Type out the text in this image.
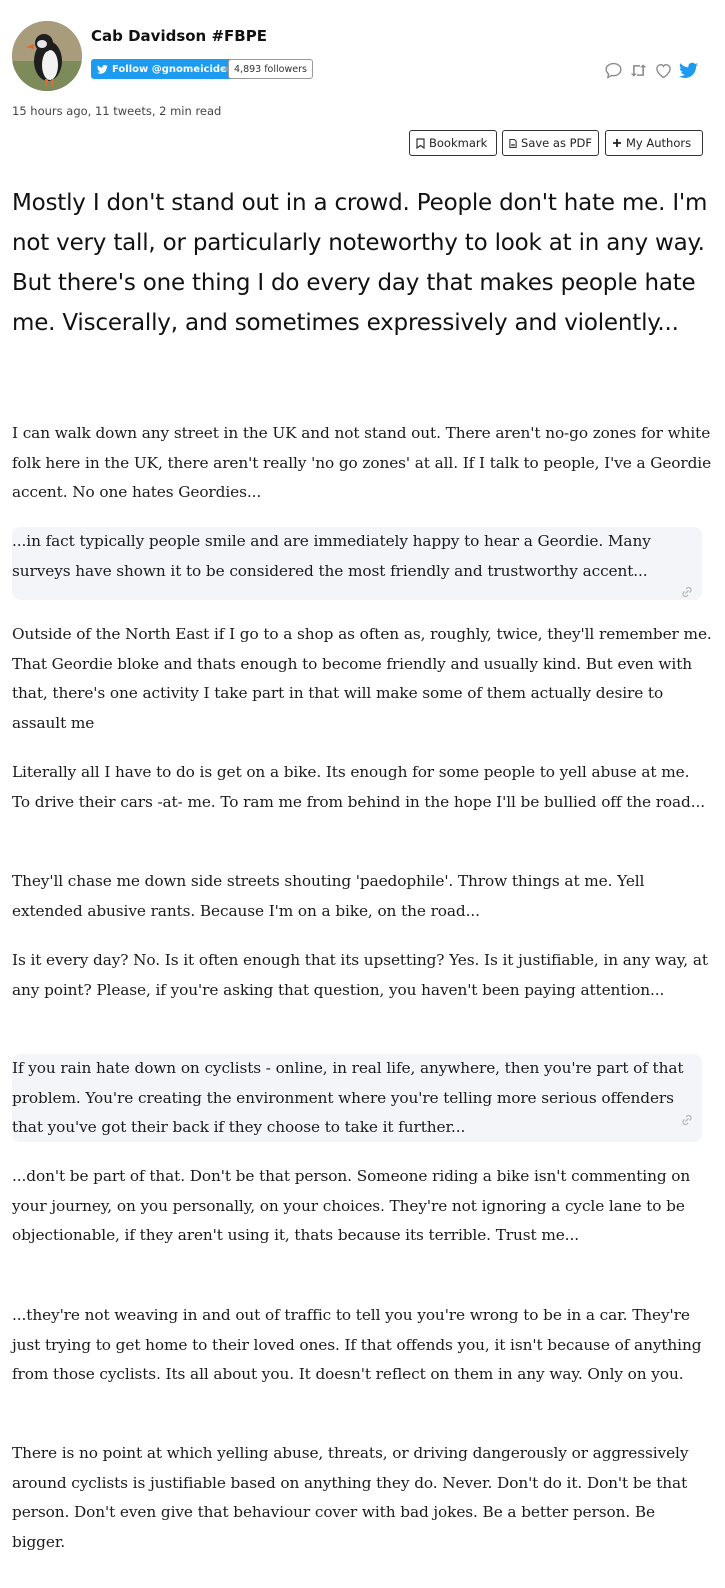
Cab Davidson #FBPE
Follow @gnomeicide 4,893 followers
15 hours ago, 11 tweets, 2 min read
Bookmark	Save as PDF	My Authors
Mostly I don't stand out in a crowd. People don't hate me. I'm not very tall, or particularly noteworthy to look at in any way. But there's one thing I do every day that makes people hate me. Viscerally, and sometimes expressively and violently...
I can walk down any street in the UK and not stand out. There aren't no-go zones for white folk here in the UK, there aren't really 'no go zones' at all. If I talk to people, I've a Geordie accent. No one hates Geordies...
...in fact typically people smile and are immediately happy to hear a Geordie. Many surveys have shown it to be considered the most friendly and trustworthy accent...
Outside of the North East if I go to a shop as often as, roughly, twice, they'll remember me. That Geordie bloke and thats enough to become friendly and usually kind. But even with that, there's one activity I take part in that will make some of them actually desire to assault me
Literally all I have to do is get on a bike. Its enough for some people to yell abuse at me. To drive their cars -at- me. To ram me from behind in the hope I'll be bullied off the road...
They'll chase me down side streets shouting 'paedophile'. Throw things at me. Yell extended abusive rants. Because I'm on a bike, on the road...
Is it every day? No. Is it often enough that its upsetting? Yes. Is it justifiable, in any way, at any point? Please, if you're asking that question, you haven't been paying attention...
If you rain hate down on cyclists - online, in real life, anywhere, then you're part of that problem. You're creating the environment where you're telling more serious offenders that you've got their back if they choose to take it further...
...don't be part of that. Don't be that person. Someone riding a bike isn't commenting on your journey, on you personally, on your choices. They're not ignoring a cycle lane to be objectionable, if they aren't using it, thats because its terrible. Trust me...
...they're not weaving in and out of traffic to tell you you're wrong to be in a car. They're just trying to get home to their loved ones. If that offends you, it isn't because of anything from those cyclists. Its all about you. It doesn't reflect on them in any way. Only on you.
There is no point at which yelling abuse, threats, or driving dangerously or aggressively around cyclists is justifiable based on anything they do. Never. Don't do it. Don't be that person. Don't even give that behaviour cover with bad jokes. Be a better person. Be bigger.
